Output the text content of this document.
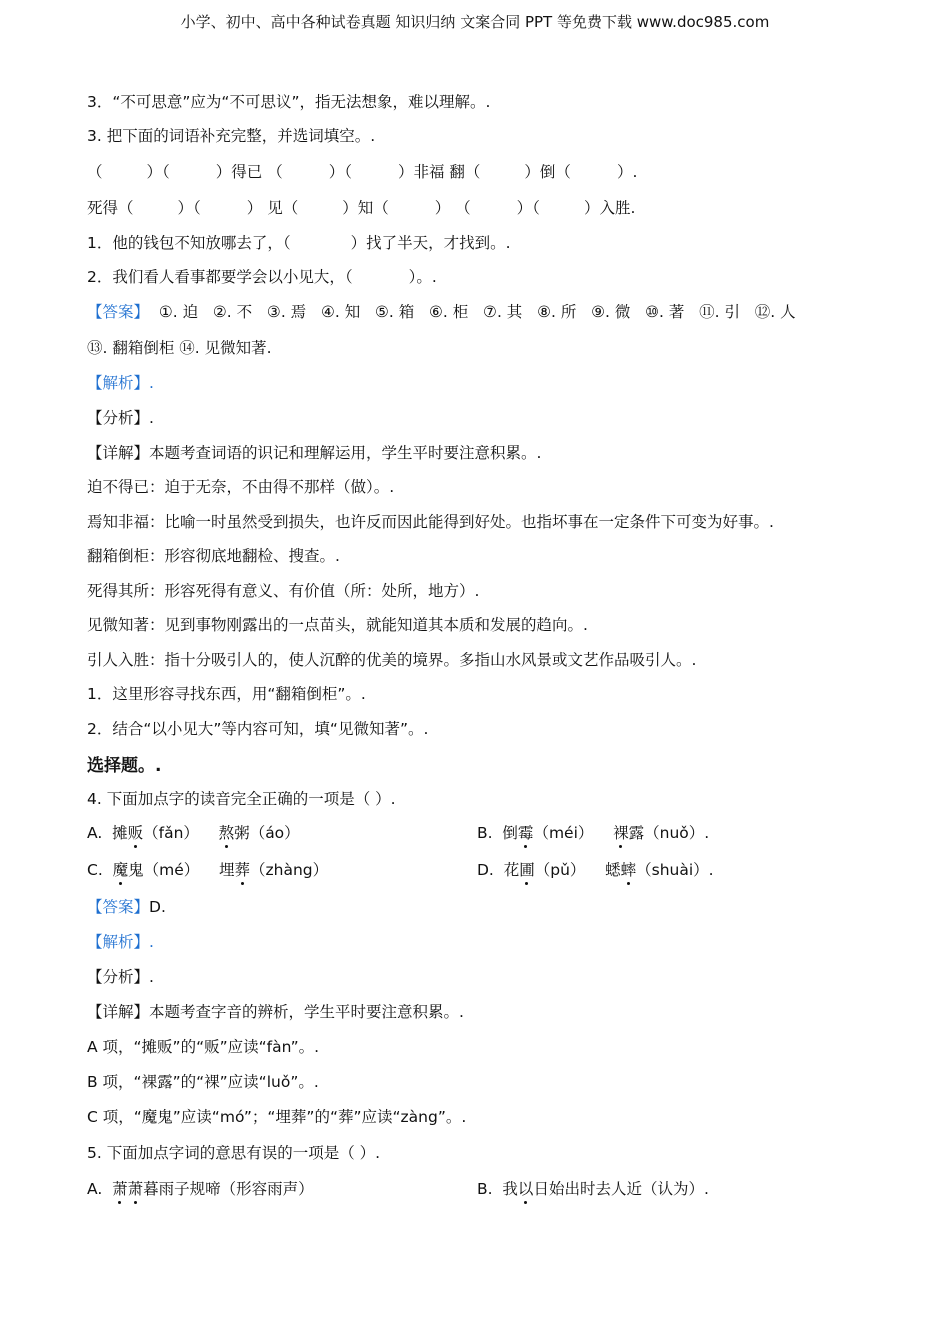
小学、初中、高中各种试卷真题 知识归纳 文案合同 PPT 等免费下载 www.doc985.com
3．“不可思意”应为“不可思议”，指无法想象，难以理解。.
3. 把下面的词语补充完整，并选词填空。.
（	）（	）得已 （	）（	）非福 翻（	）倒（	）.
死得（	）（	） 见（	）知（	） （	）（	）入胜.
1．他的钱包不知放哪去了，（	）找了半天，才找到。.
2．我们看人看事都要学会以小见大，（	）。.
【答案】  ①. 迫   ②. 不   ③. 焉   ④. 知   ⑤. 箱   ⑥. 柜   ⑦. 其   ⑧. 所   ⑨. 微   ⑩. 著   ⑪. 引   ⑫. 人
⑬. 翻箱倒柜 ⑭. 见微知著.
【解析】.
【分析】.
【详解】本题考查词语的识记和理解运用，学生平时要注意积累。.
迫不得已：迫于无奈，不由得不那样（做）。.
焉知非福：比喻一时虽然受到损失，也许反而因此能得到好处。也指坏事在一定条件下可变为好事。.
翻箱倒柜：形容彻底地翻检、搜查。.
死得其所：形容死得有意义、有价值（所：处所，地方）.
见微知著：见到事物刚露出的一点苗头，就能知道其本质和发展的趋向。.
引人入胜：指十分吸引人的，使人沉醉的优美的境界。多指山水风景或文艺作品吸引人。.
1．这里形容寻找东西，用“翻箱倒柜”。.
2．结合“以小见大”等内容可知，填“见微知著”。.
选择题。.
4. 下面加点字的读音完全正确的一项是（ ）.
A.  摊贩（fǎn）    熬粥（áo）	B.  倒霉（méi）    裸露（nuǒ）.
C.  魔鬼（mé）    埋葬（zhàng）	D.  花圃（pǔ）    蟋蟀（shuài）.
【答案】D.
【解析】.
【分析】.
【详解】本题考查字音的辨析，学生平时要注意积累。.
A 项，“摊贩”的“贩”应读“fàn”。.
B 项，“裸露”的“裸”应读“luǒ”。.
C 项，“魔鬼”应读“mó”；“埋葬”的“葬”应读“zàng”。.
5. 下面加点字词的意思有误的一项是（ ）.
A.  萧萧暮雨子规啼（形容雨声）	B.  我以日始出时去人近（认为）.
